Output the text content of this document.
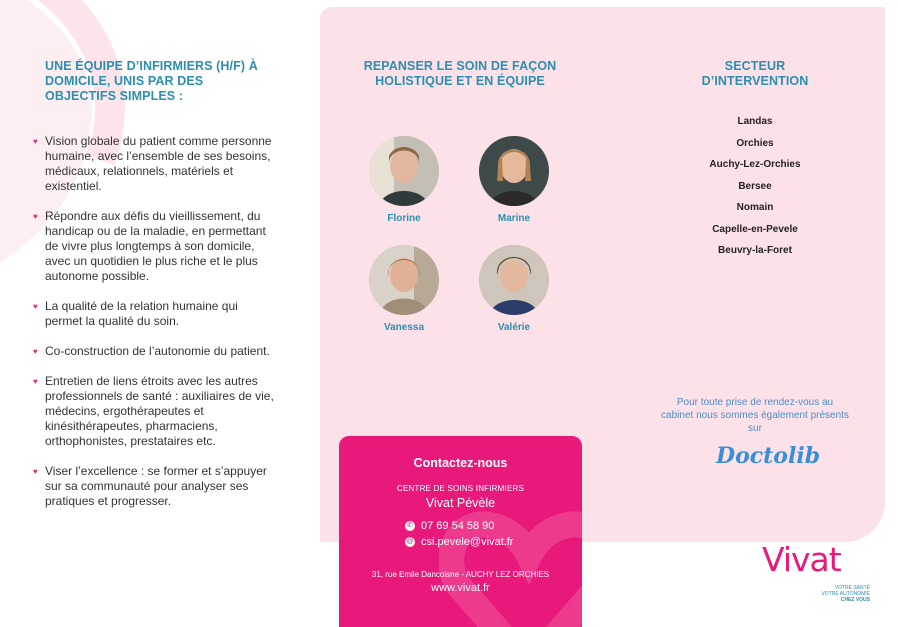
UNE ÉQUIPE D’INFIRMIERS (H/F) À DOMICILE, UNIS PAR DES OBJECTIFS SIMPLES :
♥ Vision globale du patient comme personne humaine, avec l’ensemble de ses besoins, médicaux, relationnels, matériels et existentiel.
♥ Répondre aux défis du vieillissement, du handicap ou de la maladie, en permettant de vivre plus longtemps à son domicile, avec un quotidien le plus riche et le plus autonome possible.
♥ La qualité de la relation humaine qui permet la qualité du soin.
♥ Co-construction de l’autonomie du patient.
♥ Entretien de liens étroits avec les autres professionnels de santé : auxiliaires de vie, médecins, ergothérapeutes et kinésithérapeutes, pharmaciens, orthophonistes, prestataires etc.
♥ Viser l’excellence : se former et s’appuyer sur sa communauté pour analyser ses pratiques et progresser.
REPANSER LE SOIN DE FAÇON HOLISTIQUE ET EN ÉQUIPE
Florine	Marine
Vanessa	Valérie
SECTEUR D’INTERVENTION
Landas
Orchies
Auchy-Lez-Orchies
Bersee
Nomain
Capelle-en-Pevele
Beuvry-la-Foret
Pour toute prise de rendez-vous au cabinet nous sommes également présents sur
Doctolib
Contactez-nous
CENTRE DE SOINS INFIRMIERS
Vivat Pévèle
✆ 07 69 54 58 90
@ csi.pevele@vivat.fr
31, rue Emile Dancoisne - AUCHY LEZ ORCHIES
www.vivat.fr
Vivat
VOTRE SANTÉ
VOTRE AUTONOMIE
CHEZ VOUS
